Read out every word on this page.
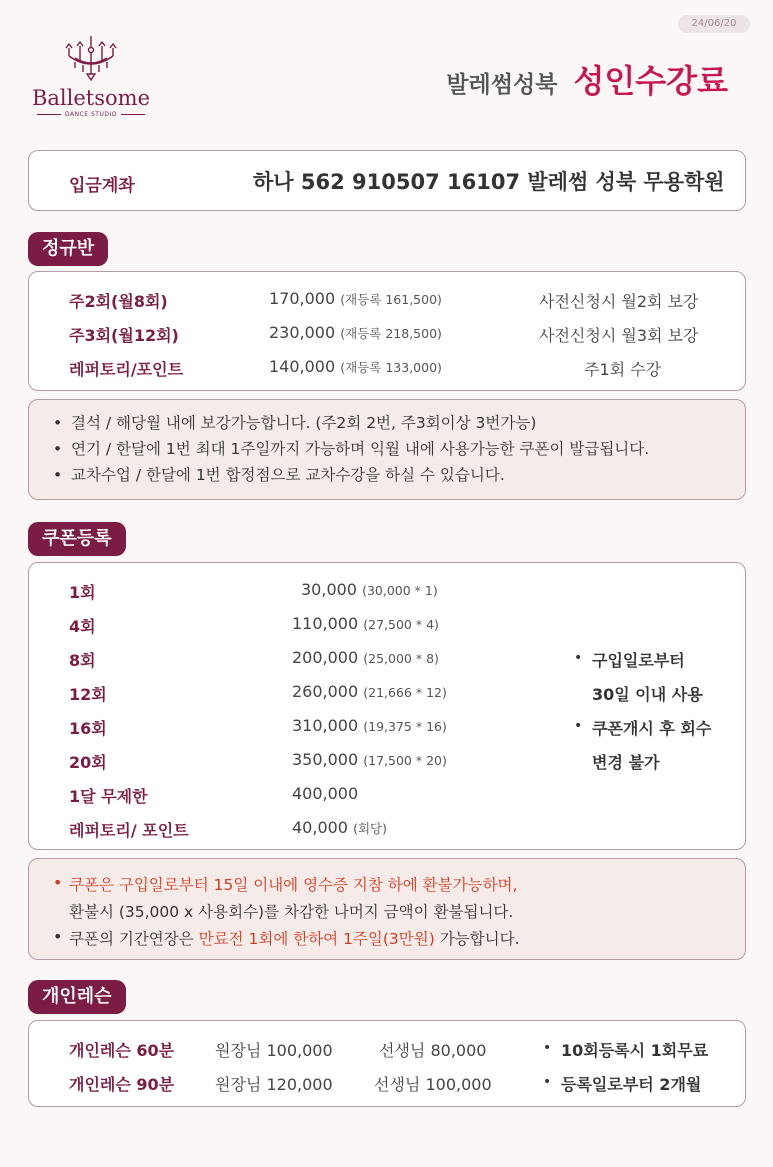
24/06/20
Balletsome
DANCE STUDIO
발레썸성북 성인수강료
입금계좌	하나 562 910507 16107 발레썸 성북 무용학원
정규반
주2회(월8회)	170,000 (재등록 161,500)	사전신청시 월2회 보강
주3회(월12회)	230,000 (재등록 218,500)	사전신청시 월3회 보강
레퍼토리/포인트	140,000 (재등록 133,000)	주1회 수강
• 결석 / 해당월 내에 보강가능합니다. (주2회 2번, 주3회이상 3번가능)
• 연기 / 한달에 1번 최대 1주일까지 가능하며 익월 내에 사용가능한 쿠폰이 발급됩니다.
• 교차수업 / 한달에 1번 합정점으로 교차수강을 하실 수 있습니다.
쿠폰등록
1회	30,000 (30,000 * 1)
4회	110,000 (27,500 * 4)
8회	200,000 (25,000 * 8)
12회	260,000 (21,666 * 12)
16회	310,000 (19,375 * 16)
20회	350,000 (17,500 * 20)
1달 무제한	400,000
레퍼토리/ 포인트	40,000 (회당)
• 구입일로부터
30일 이내 사용
• 쿠폰개시 후 회수
변경 불가
• 쿠폰은 구입일로부터 15일 이내에 영수증 지참 하에 환불가능하며,
환불시 (35,000 x 사용회수)를 차감한 나머지 금액이 환불됩니다.
• 쿠폰의 기간연장은 만료전 1회에 한하여 1주일(3만원) 가능합니다.
개인레슨
개인레슨 60분	원장님 100,000	선생님 80,000	• 10회등록시 1회무료
개인레슨 90분	원장님 120,000	선생님 100,000	• 등록일로부터 2개월
